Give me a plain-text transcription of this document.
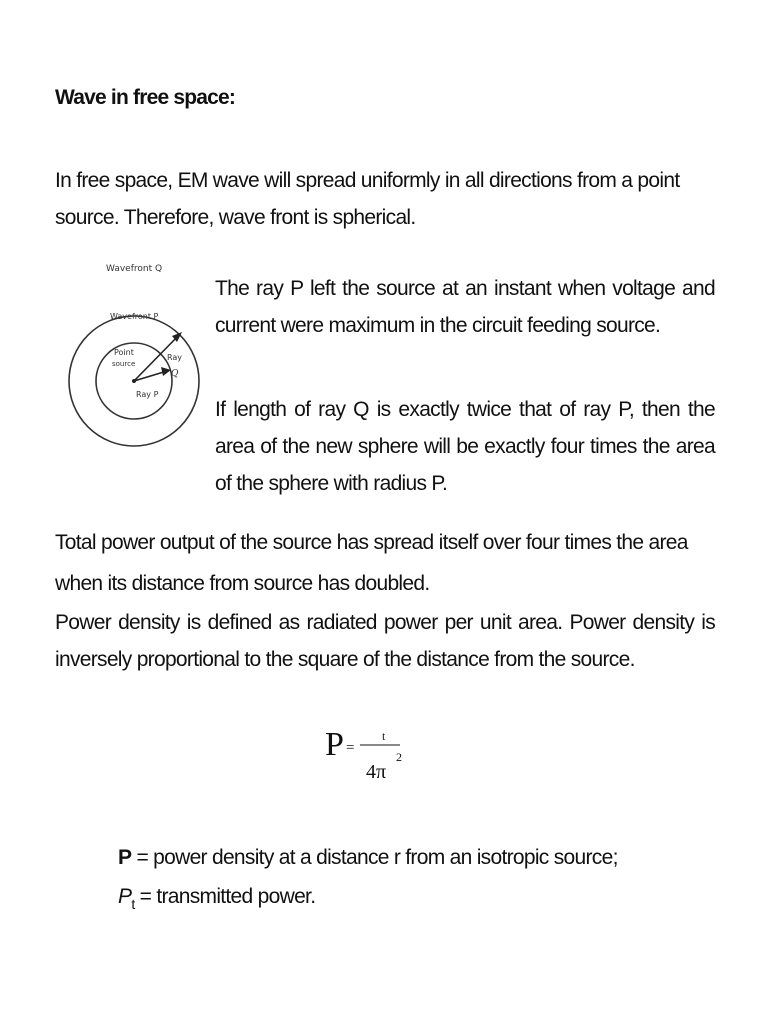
Wave in free space:

In free space, EM wave will spread uniformly in all directions from a point source. Therefore, wave front is spherical.

Wavefront Q
Wavefront P
Point
source
Ray
Q
Ray P

The ray P left the source at an instant when voltage and current were maximum in the circuit feeding source.

If length of ray Q is exactly twice that of ray P, then the area of the new sphere will be exactly four times the area of the sphere with radius P.

Total power output of the source has spread itself over four times the area when its distance from source has doubled.

Power density is defined as radiated power per unit area. Power density is inversely proportional to the square of the distance from the source.

P =
t
4π
2

P = power density at a distance r from an isotropic source;

$P_t$ = transmitted power.
